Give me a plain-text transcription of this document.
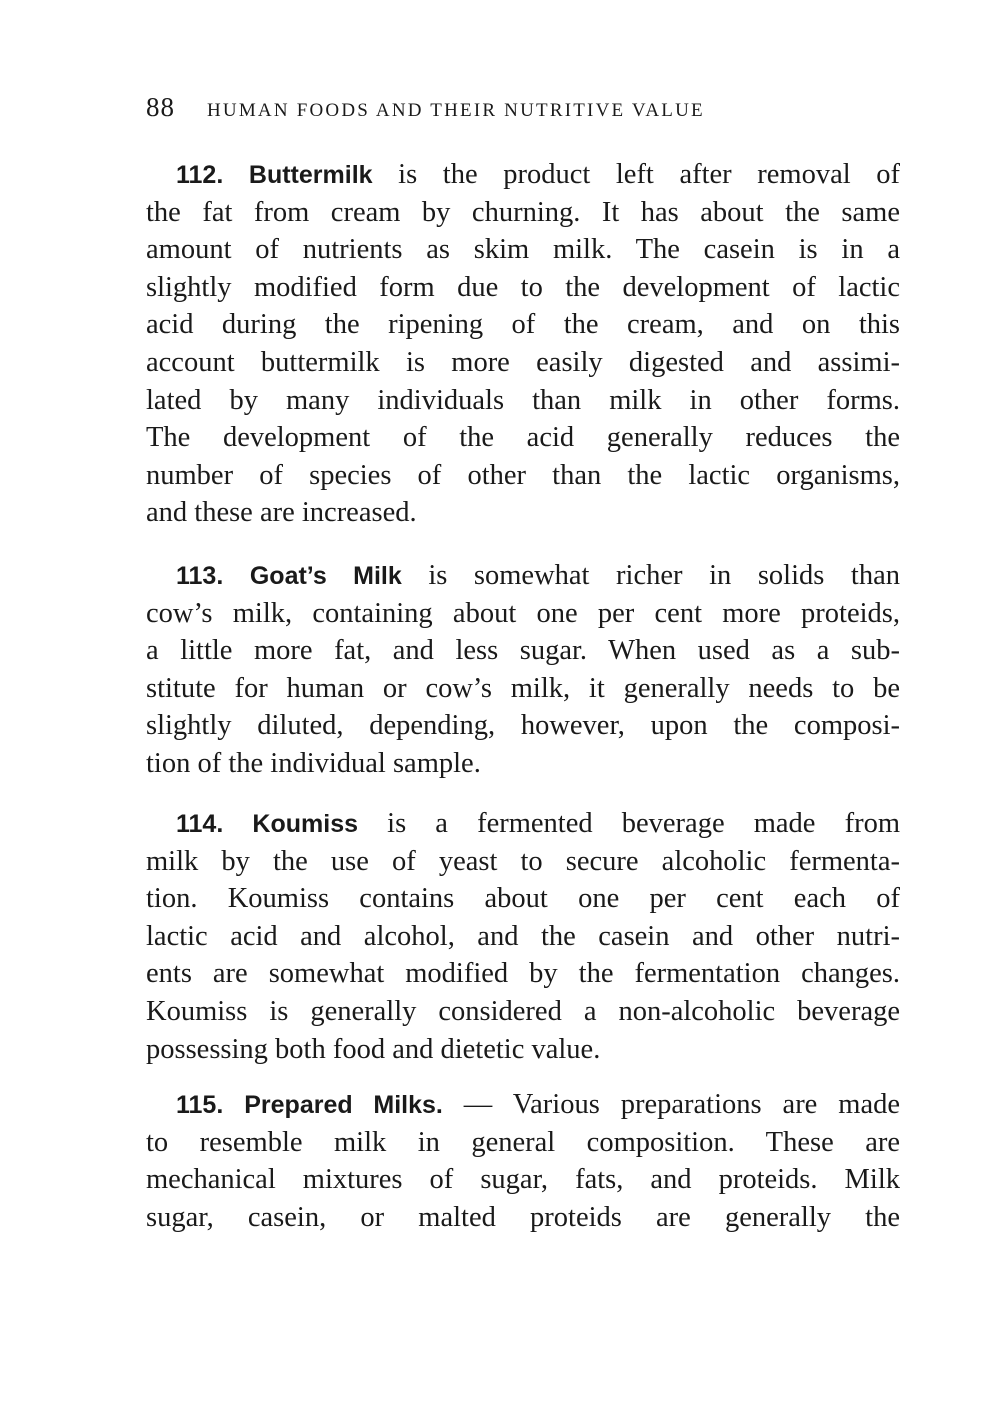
88 HUMAN FOODS AND THEIR NUTRITIVE VALUE
112. Buttermilk is the product left after removal of
the fat from cream by churning. It has about the same
amount of nutrients as skim milk. The casein is in a
slightly modified form due to the development of lactic
acid during the ripening of the cream, and on this
account buttermilk is more easily digested and assimi-
lated by many individuals than milk in other forms.
The development of the acid generally reduces the
number of species of other than the lactic organisms,
and these are increased.
113. Goat’s Milk is somewhat richer in solids than
cow’s milk, containing about one per cent more proteids,
a little more fat, and less sugar. When used as a sub-
stitute for human or cow’s milk, it generally needs to be
slightly diluted, depending, however, upon the composi-
tion of the individual sample.
114. Koumiss is a fermented beverage made from
milk by the use of yeast to secure alcoholic fermenta-
tion. Koumiss contains about one per cent each of
lactic acid and alcohol, and the casein and other nutri-
ents are somewhat modified by the fermentation changes.
Koumiss is generally considered a non-alcoholic beverage
possessing both food and dietetic value.
115. Prepared Milks. — Various preparations are made
to resemble milk in general composition. These are
mechanical mixtures of sugar, fats, and proteids. Milk
sugar, casein, or malted proteids are generally the
